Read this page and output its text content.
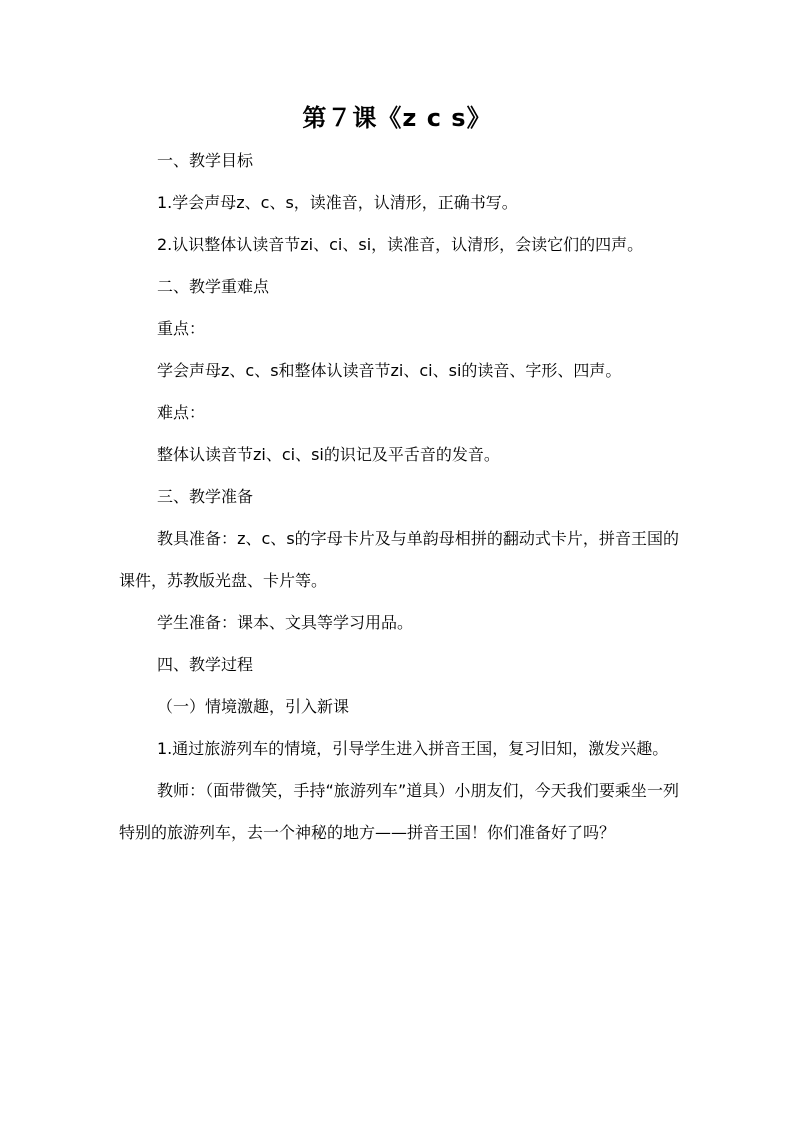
第７课《z c s》

一、教学目标

1.学会声母z、c、s，读准音，认清形，正确书写。

2.认识整体认读音节zi、ci、si，读准音，认清形，会读它们的四声。

二、教学重难点

重点：

学会声母z、c、s和整体认读音节zi、ci、si的读音、字形、四声。

难点：

整体认读音节zi、ci、si的识记及平舌音的发音。

三、教学准备

教具准备：z、c、s的字母卡片及与单韵母相拼的翻动式卡片，拼音王国的课件，苏教版光盘、卡片等。

学生准备：课本、文具等学习用品。

四、教学过程

（一）情境激趣，引入新课

1.通过旅游列车的情境，引导学生进入拼音王国，复习旧知，激发兴趣。

教师：（面带微笑，手持“旅游列车”道具）小朋友们，今天我们要乘坐一列特别的旅游列车，去一个神秘的地方——拼音王国！你们准备好了吗？
